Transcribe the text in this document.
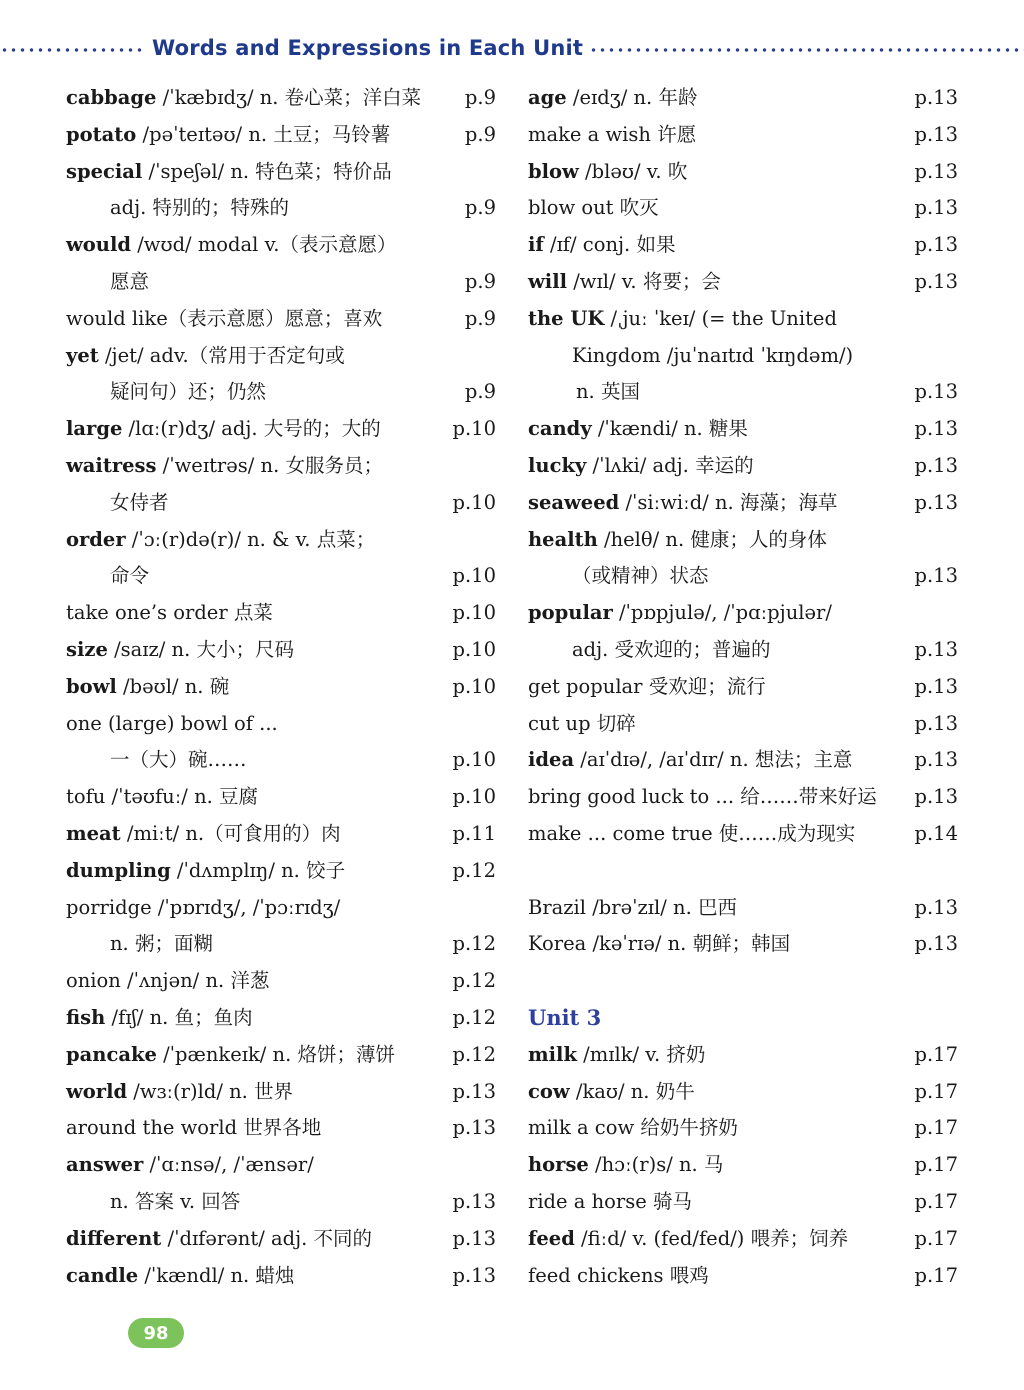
Words and Expressions in Each Unit
cabbage /ˈkæbɪdʒ/ n. 卷心菜；洋白菜 p.9
potato /pəˈteɪtəʊ/ n. 土豆；马铃薯	p.9
special /ˈspeʃəl/ n. 特色菜；特价品
adj. 特别的；特殊的	p.9
would /wʊd/ modal v.（表示意愿）
愿意	p.9
would like（表示意愿）愿意；喜欢	p.9
yet /jet/ adv.（常用于否定句或
疑问句）还；仍然	p.9
large /lɑː(r)dʒ/ adj. 大号的；大的	p.10
waitress /ˈweɪtrəs/ n. 女服务员；
女侍者	p.10
order /ˈɔː(r)də(r)/ n. & v. 点菜；
命令	p.10
take one’s order 点菜	p.10
size /saɪz/ n. 大小；尺码	p.10
bowl /bəʊl/ n. 碗	p.10
one (large) bowl of ...
一（大）碗……	p.10
tofu /ˈtəʊfuː/ n. 豆腐	p.10
meat /miːt/ n.（可食用的）肉	p.11
dumpling /ˈdʌmplɪŋ/ n. 饺子	p.12
porridge /ˈpɒrɪdʒ/, /ˈpɔːrɪdʒ/
n. 粥；面糊	p.12
onion /ˈʌnjən/ n. 洋葱	p.12
fish /fɪʃ/ n. 鱼；鱼肉	p.12
pancake /ˈpænkeɪk/ n. 烙饼；薄饼	p.12
world /wɜː(r)ld/ n. 世界	p.13
around the world 世界各地	p.13
answer /ˈɑːnsə/, /ˈænsər/
n. 答案 v. 回答	p.13
different /ˈdɪfərənt/ adj. 不同的	p.13
candle /ˈkændl/ n. 蜡烛	p.13
age /eɪdʒ/ n. 年龄	p.13
make a wish 许愿	p.13
blow /bləʊ/ v. 吹	p.13
blow out 吹灭	p.13
if /ɪf/ conj. 如果	p.13
will /wɪl/ v. 将要；会	p.13
the UK /ˌjuː ˈkeɪ/ (= the United
Kingdom /juˈnaɪtɪd ˈkɪŋdəm/)
n. 英国	p.13
candy /ˈkændi/ n. 糖果	p.13
lucky /ˈlʌki/ adj. 幸运的	p.13
seaweed /ˈsiːwiːd/ n. 海藻；海草	p.13
health /helθ/ n. 健康；人的身体
（或精神）状态	p.13
popular /ˈpɒpjulə/, /ˈpɑːpjulər/
adj. 受欢迎的；普遍的	p.13
get popular 受欢迎；流行	p.13
cut up 切碎	p.13
idea /aɪˈdɪə/, /aɪˈdɪr/ n. 想法；主意	p.13
bring good luck to ... 给……带来好运 p.13
make ... come true 使……成为现实	p.14
Brazil /brəˈzɪl/ n. 巴西	p.13
Korea /kəˈrɪə/ n. 朝鲜；韩国	p.13
Unit 3
milk /mɪlk/ v. 挤奶	p.17
cow /kaʊ/ n. 奶牛	p.17
milk a cow 给奶牛挤奶	p.17
horse /hɔː(r)s/ n. 马	p.17
ride a horse 骑马	p.17
feed /fiːd/ v. (fed/fed/) 喂养；饲养	p.17
feed chickens 喂鸡	p.17
98
